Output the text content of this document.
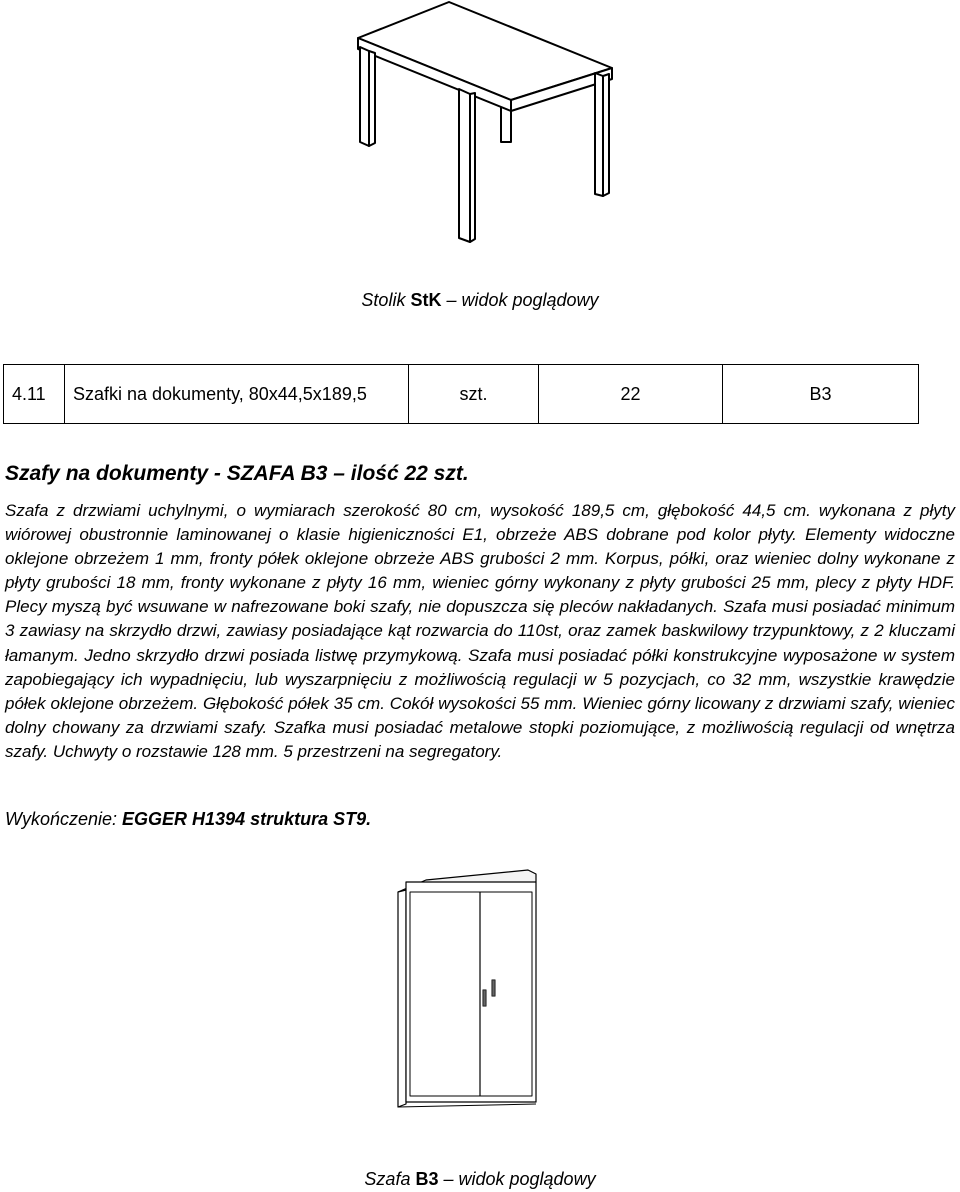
Stolik StK – widok poglądowy
4.11	Szafki na dokumenty, 80x44,5x189,5	szt.	22	B3
Szafy na dokumenty - SZAFA B3 – ilość 22 szt.

Szafa z drzwiami uchylnymi, o wymiarach szerokość 80 cm, wysokość 189,5 cm, głębokość 44,5 cm. wykonana z płyty wiórowej obustronnie laminowanej o klasie higieniczności E1, obrzeże ABS dobrane pod kolor płyty. Elementy widoczne oklejone obrzeżem 1 mm, fronty półek oklejone obrzeże ABS grubości 2 mm. Korpus, półki, oraz wieniec dolny wykonane z płyty grubości 18 mm, fronty wykonane z płyty 16 mm, wieniec górny wykonany z płyty grubości 25 mm, plecy z płyty HDF. Plecy myszą być wsuwane w nafrezowane boki szafy, nie dopuszcza się pleców nakładanych. Szafa musi posiadać minimum 3 zawiasy na skrzydło drzwi, zawiasy posiadające kąt rozwarcia do 110st, oraz zamek baskwilowy trzypunktowy, z 2 kluczami łamanym. Jedno skrzydło drzwi posiada listwę przymykową. Szafa musi posiadać półki konstrukcyjne wyposażone w system zapobiegający ich wypadnięciu, lub wyszarpnięciu z możliwością regulacji w 5 pozycjach, co 32 mm, wszystkie krawędzie półek oklejone obrzeżem. Głębokość półek 35 cm. Cokół wysokości 55 mm. Wieniec górny licowany z drzwiami szafy, wieniec dolny chowany za drzwiami szafy. Szafka musi posiadać metalowe stopki poziomujące, z możliwością regulacji od wnętrza szafy. Uchwyty o rozstawie 128 mm. 5 przestrzeni na segregatory.

Wykończenie: EGGER H1394 struktura ST9.

Szafa B3 – widok poglądowy
